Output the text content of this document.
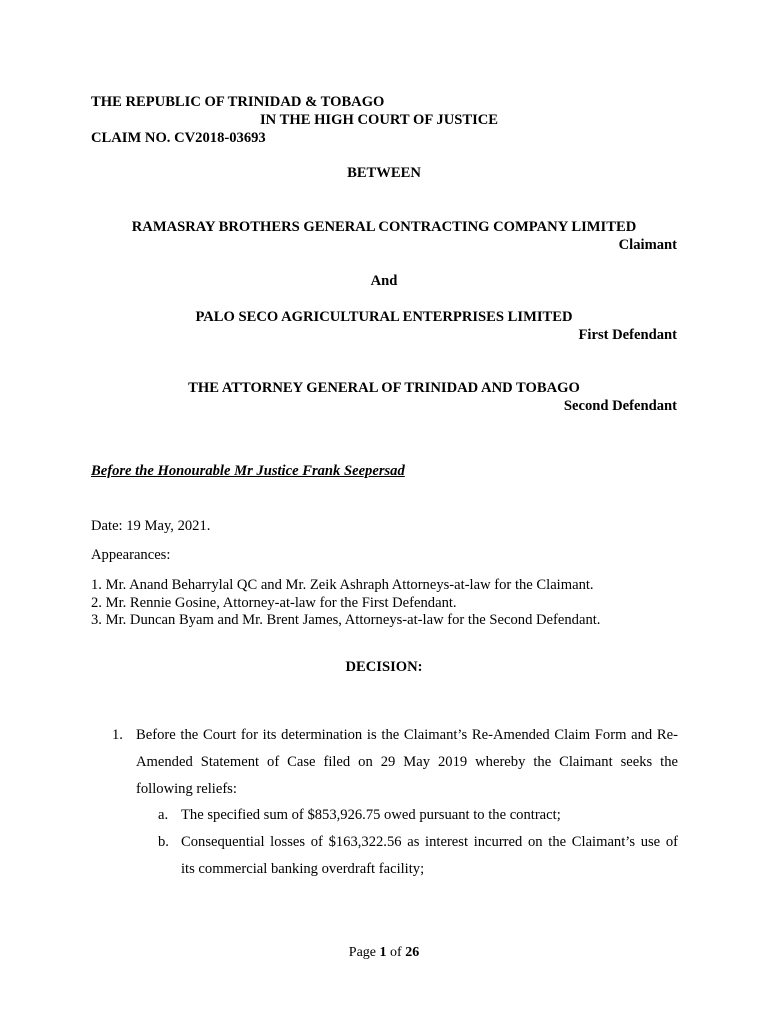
THE REPUBLIC OF TRINIDAD & TOBAGO
IN THE HIGH COURT OF JUSTICE
CLAIM NO. CV2018-03693
BETWEEN
RAMASRAY BROTHERS GENERAL CONTRACTING COMPANY LIMITED
Claimant
And
PALO SECO AGRICULTURAL ENTERPRISES LIMITED
First Defendant
THE ATTORNEY GENERAL OF TRINIDAD AND TOBAGO
Second Defendant
Before the Honourable Mr Justice Frank Seepersad
Date: 19 May, 2021.
Appearances:
1. Mr. Anand Beharrylal QC and Mr. Zeik Ashraph Attorneys-at-law for the Claimant.
2. Mr. Rennie Gosine, Attorney-at-law for the First Defendant.
3. Mr. Duncan Byam and Mr. Brent James, Attorneys-at-law for the Second Defendant.
DECISION:
1. Before the Court for its determination is the Claimant’s Re-Amended Claim Form and Re-
Amended Statement of Case filed on 29 May 2019 whereby the Claimant seeks the
following reliefs:
a. The specified sum of $853,926.75 owed pursuant to the contract;
b. Consequential losses of $163,322.56 as interest incurred on the Claimant’s use of
its commercial banking overdraft facility;
Page 1 of 26
